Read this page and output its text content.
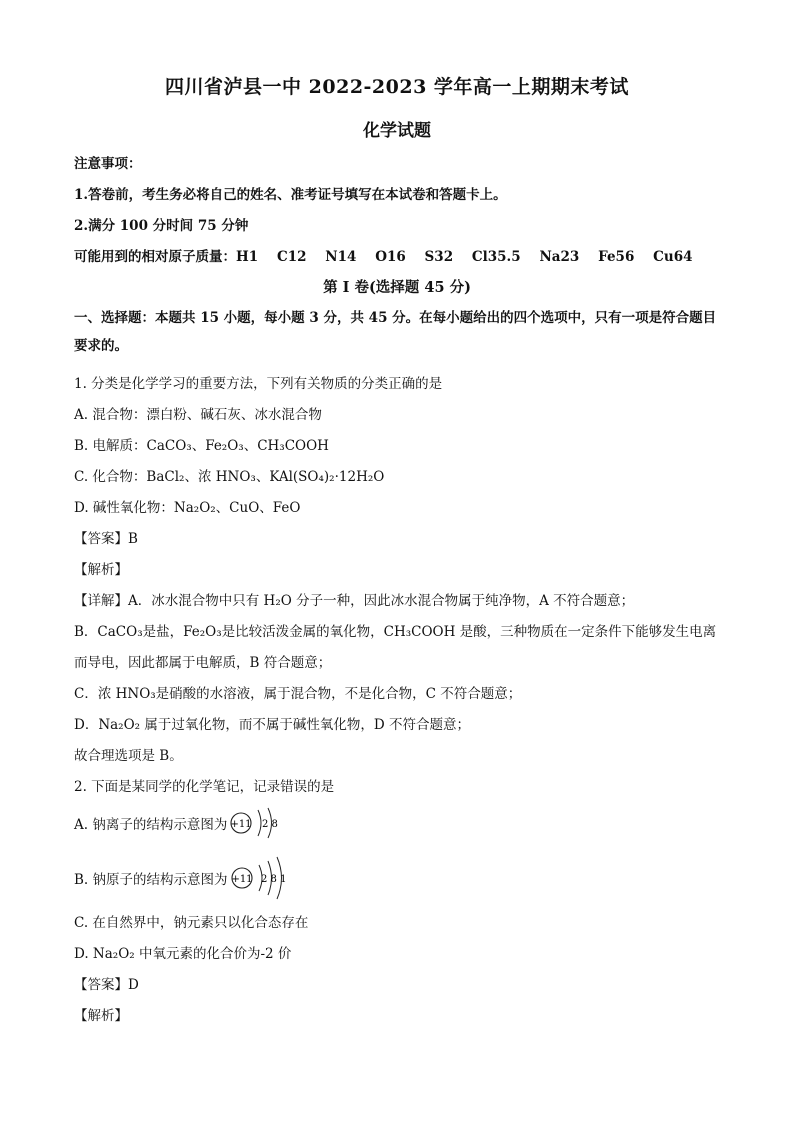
四川省泸县一中 2022-2023 学年高一上期期末考试
化学试题
注意事项：
1.答卷前，考生务必将自己的姓名、准考证号填写在本试卷和答题卡上。
2.满分 100 分时间 75 分钟
可能用到的相对原子质量：H1    C12    N14    O16    S32    Cl35.5    Na23    Fe56    Cu64
第 I 卷(选择题 45 分)
一、选择题：本题共 15 小题，每小题 3 分，共 45 分。在每小题给出的四个选项中，只有一项是符合题目要求的。
1. 分类是化学学习的重要方法，下列有关物质的分类正确的是
A. 混合物：漂白粉、碱石灰、冰水混合物
B. 电解质：CaCO₃、Fe₂O₃、CH₃COOH
C. 化合物：BaCl₂、浓 HNO₃、KAl(SO₄)₂·12H₂O
D. 碱性氧化物：Na₂O₂、CuO、FeO
【答案】B
【解析】
【详解】A．冰水混合物中只有 H₂O 分子一种，因此冰水混合物属于纯净物，A 不符合题意；
B．CaCO₃是盐，Fe₂O₃是比较活泼金属的氧化物，CH₃COOH 是酸，三种物质在一定条件下能够发生电离
而导电，因此都属于电解质，B 符合题意；
C．浓 HNO₃是硝酸的水溶液，属于混合物，不是化合物，C 不符合题意；
D．Na₂O₂ 属于过氧化物，而不属于碱性氧化物，D 不符合题意；
故合理选项是 B。
2. 下面是某同学的化学笔记，记录错误的是
A. 钠离子的结构示意图为 +11 2 8
B. 钠原子的结构示意图为 +11 2 8 1
C. 在自然界中，钠元素只以化合态存在
D. Na₂O₂ 中氧元素的化合价为-2 价
【答案】D
【解析】
